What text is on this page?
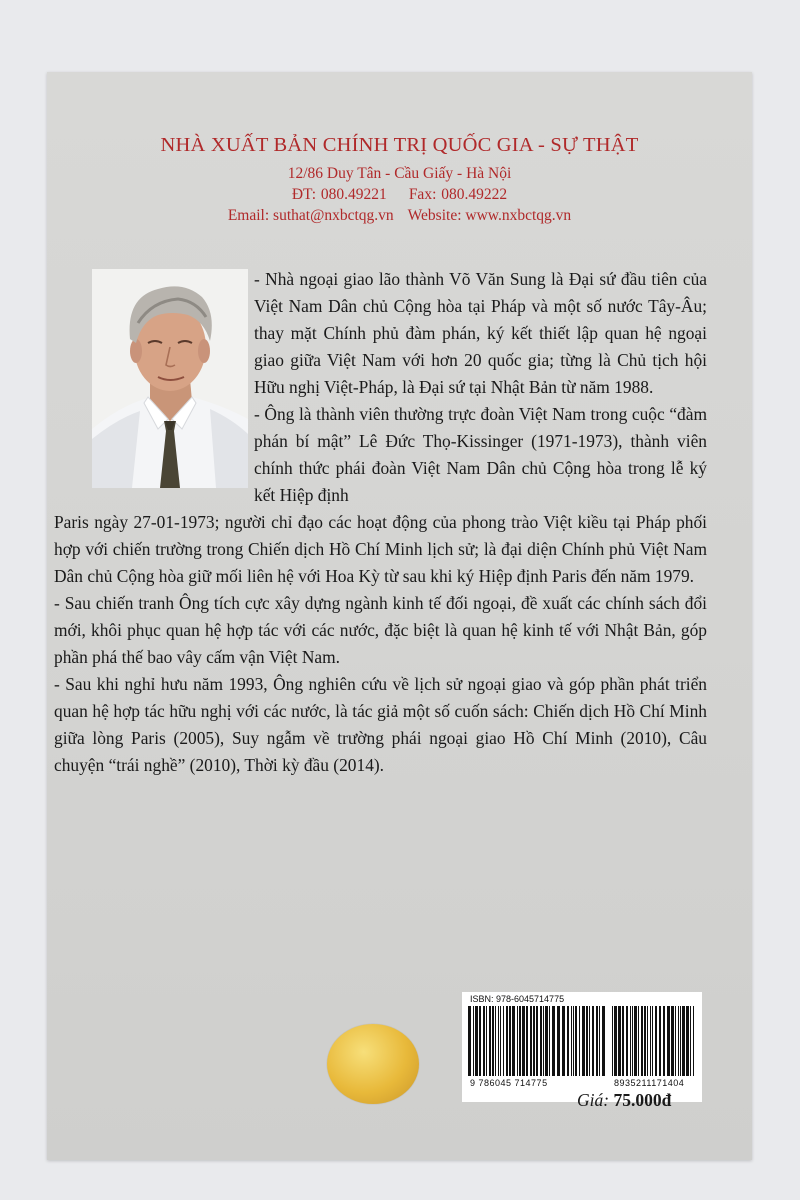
NHÀ XUẤT BẢN CHÍNH TRỊ QUỐC GIA - SỰ THẬT
12/86 Duy Tân - Cầu Giấy - Hà Nội
ĐT: 080.49221 Fax: 080.49222
Email: suthat@nxbctqg.vn Website: www.nxbctqg.vn

- Nhà ngoại giao lão thành Võ Văn Sung là Đại sứ đầu tiên của Việt Nam Dân chủ Cộng hòa tại Pháp và một số nước Tây-Âu; thay mặt Chính phủ đàm phán, ký kết thiết lập quan hệ ngoại giao giữa Việt Nam với hơn 20 quốc gia; từng là Chủ tịch hội Hữu nghị Việt-Pháp, là Đại sứ tại Nhật Bản từ năm 1988.

- Ông là thành viên thường trực đoàn Việt Nam trong cuộc “đàm phán bí mật” Lê Đức Thọ-Kissinger (1971-1973), thành viên chính thức phái đoàn Việt Nam Dân chủ Cộng hòa trong lễ ký kết Hiệp định

Paris ngày 27-01-1973; người chỉ đạo các hoạt động của phong trào Việt kiều tại Pháp phối hợp với chiến trường trong Chiến dịch Hồ Chí Minh lịch sử; là đại diện Chính phủ Việt Nam Dân chủ Cộng hòa giữ mối liên hệ với Hoa Kỳ từ sau khi ký Hiệp định Paris đến năm 1979.

- Sau chiến tranh Ông tích cực xây dựng ngành kinh tế đối ngoại, đề xuất các chính sách đổi mới, khôi phục quan hệ hợp tác với các nước, đặc biệt là quan hệ kinh tế với Nhật Bản, góp phần phá thế bao vây cấm vận Việt Nam.

- Sau khi nghỉ hưu năm 1993, Ông nghiên cứu về lịch sử ngoại giao và góp phần phát triển quan hệ hợp tác hữu nghị với các nước, là tác giả một số cuốn sách: Chiến dịch Hồ Chí Minh giữa lòng Paris (2005), Suy ngẫm về trường phái ngoại giao Hồ Chí Minh (2010), Câu chuyện “trái nghề” (2010), Thời kỳ đầu (2014).

ISBN: 978-6045714775
9 786045 714775	8935211171404
Giá: 75.000đ
